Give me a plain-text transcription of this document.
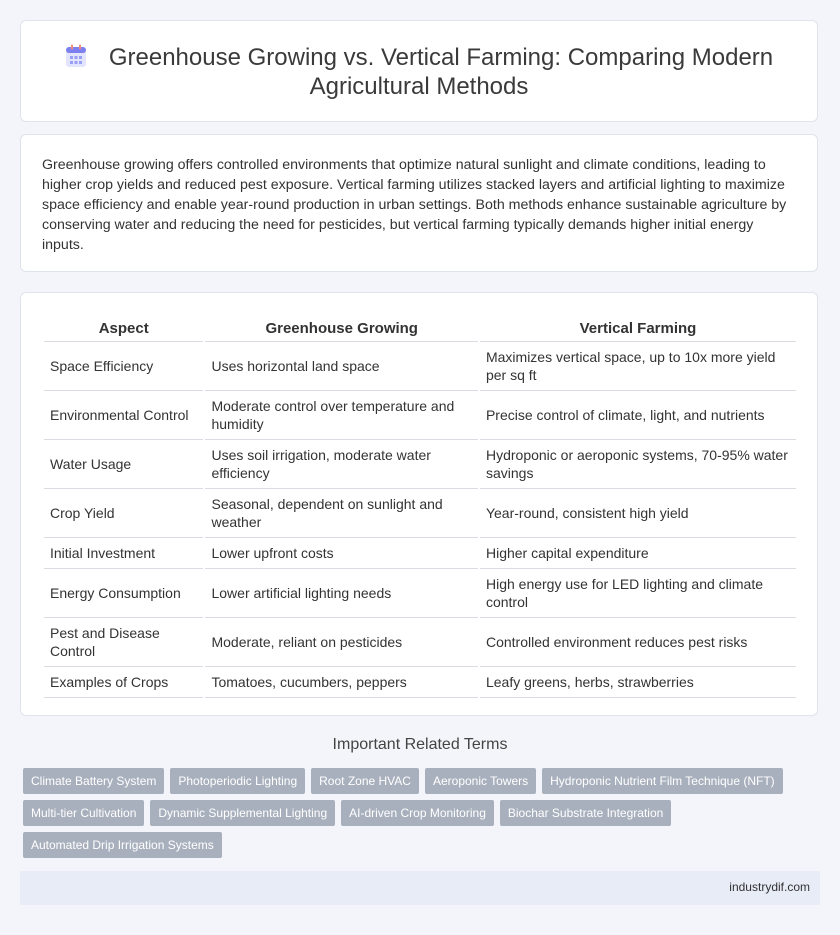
Greenhouse Growing vs. Vertical Farming: Comparing Modern
Agricultural Methods
Greenhouse growing offers controlled environments that optimize natural sunlight and climate conditions, leading to higher crop yields and reduced pest exposure. Vertical farming utilizes stacked layers and artificial lighting to maximize space efficiency and enable year-round production in urban settings. Both methods enhance sustainable agriculture by conserving water and reducing the need for pesticides, but vertical farming typically demands higher initial energy inputs.
Aspect	Greenhouse Growing	Vertical Farming
Space Efficiency	Uses horizontal land space	Maximizes vertical space, up to 10x more yield per sq ft
Environmental Control	Moderate control over temperature and humidity	Precise control of climate, light, and nutrients
Water Usage	Uses soil irrigation, moderate water efficiency	Hydroponic or aeroponic systems, 70-95% water savings
Crop Yield	Seasonal, dependent on sunlight and weather	Year-round, consistent high yield
Initial Investment	Lower upfront costs	Higher capital expenditure
Energy Consumption	Lower artificial lighting needs	High energy use for LED lighting and climate control
Pest and Disease Control	Moderate, reliant on pesticides	Controlled environment reduces pest risks
Examples of Crops	Tomatoes, cucumbers, peppers	Leafy greens, herbs, strawberries
Important Related Terms
Climate Battery System Photoperiodic Lighting Root Zone HVAC Aeroponic Towers Hydroponic Nutrient Film Technique (NFT)
Multi-tier Cultivation Dynamic Supplemental Lighting AI-driven Crop Monitoring Biochar Substrate Integration
Automated Drip Irrigation Systems
industrydif.com
